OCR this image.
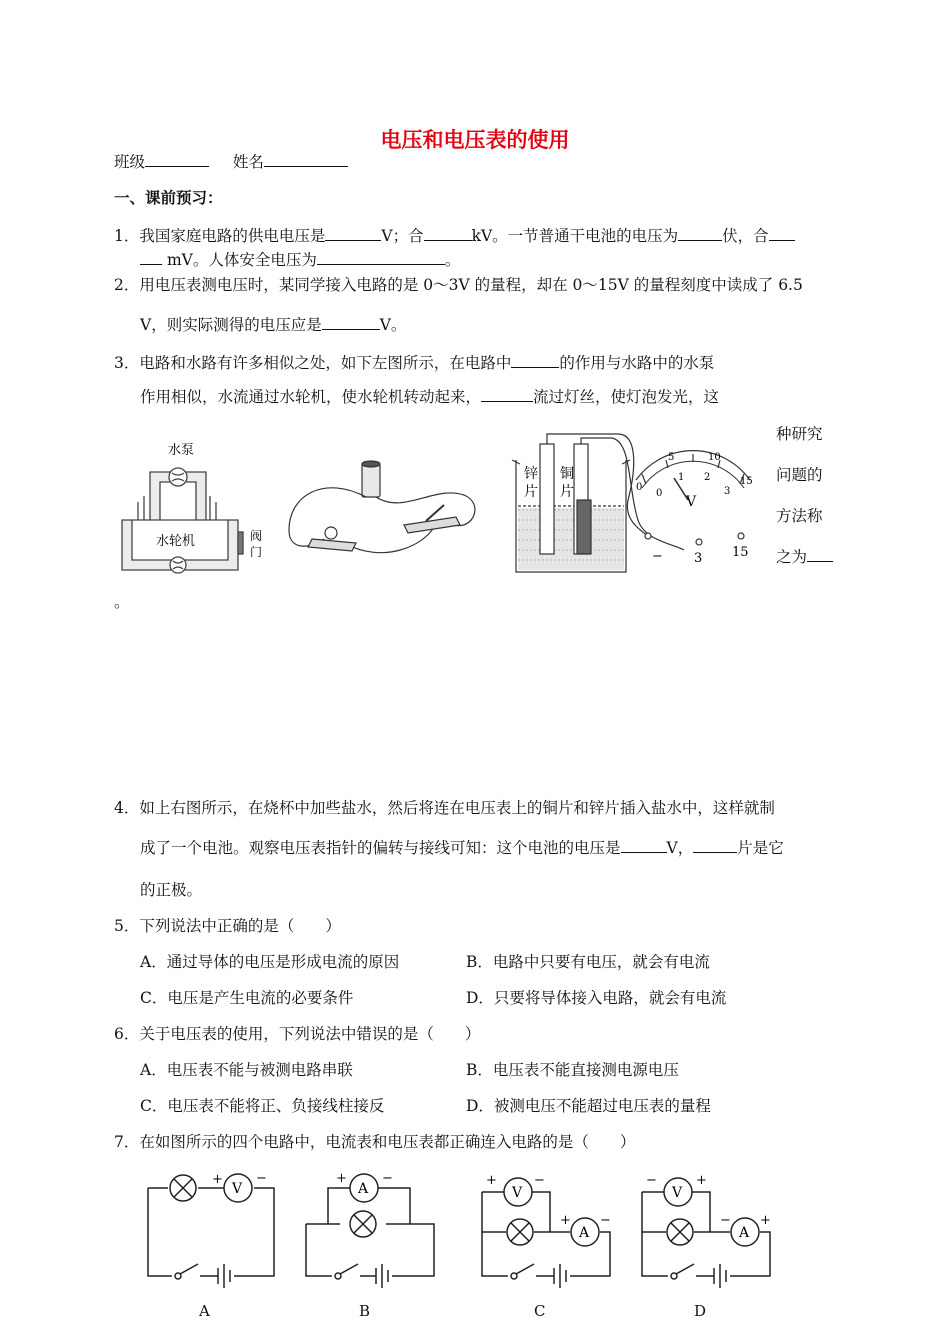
电压和电压表的使用
班级	姓名
一、课前预习：
1．我国家庭电路的供电电压是	V；合	kV。一节普通干电池的电压为	伏，合
mV。人体安全电压为	。
2．用电压表测电压时，某同学接入电路的是 0～3V 的量程，却在 0～15V 的量程刻度中读成了 6.5
V，则实际测得的电压应是	V。
3．电路和水路有许多相似之处，如下左图所示，在电路中	的作用与水路中的水泵
作用相似，水流通过水轮机，使水轮机转动起来，	流过灯丝，使灯泡发光，这
种研究
问题的
方法称
之为
。
水泵
水轮机	阀
门
锌
片
铜
片
V
0
5	10
15
0
1 2
3
− 3 15
4．如上右图所示，在烧杯中加些盐水，然后将连在电压表上的铜片和锌片插入盐水中，这样就制
成了一个电池。观察电压表指针的偏转与接线可知：这个电池的电压是	V，	片是它
的正极。
5．下列说法中正确的是（　　）
A．通过导体的电压是形成电流的原因	B．电路中只要有电压，就会有电流
C．电压是产生电流的必要条件	D．只要将导体接入电路，就会有电流
6．关于电压表的使用，下列说法中错误的是（　　）
A．电压表不能与被测电路串联	B．电压表不能直接测电源电压
C．电压表不能将正、负接线柱接反	D．被测电压不能超过电压表的量程
7．在如图所示的四个电路中，电流表和电压表都正确连入电路的是（　　）
V
+	−
A
+	−
V
A
+	−
+ −
V
A
−	+
− +
A	B	C	D
